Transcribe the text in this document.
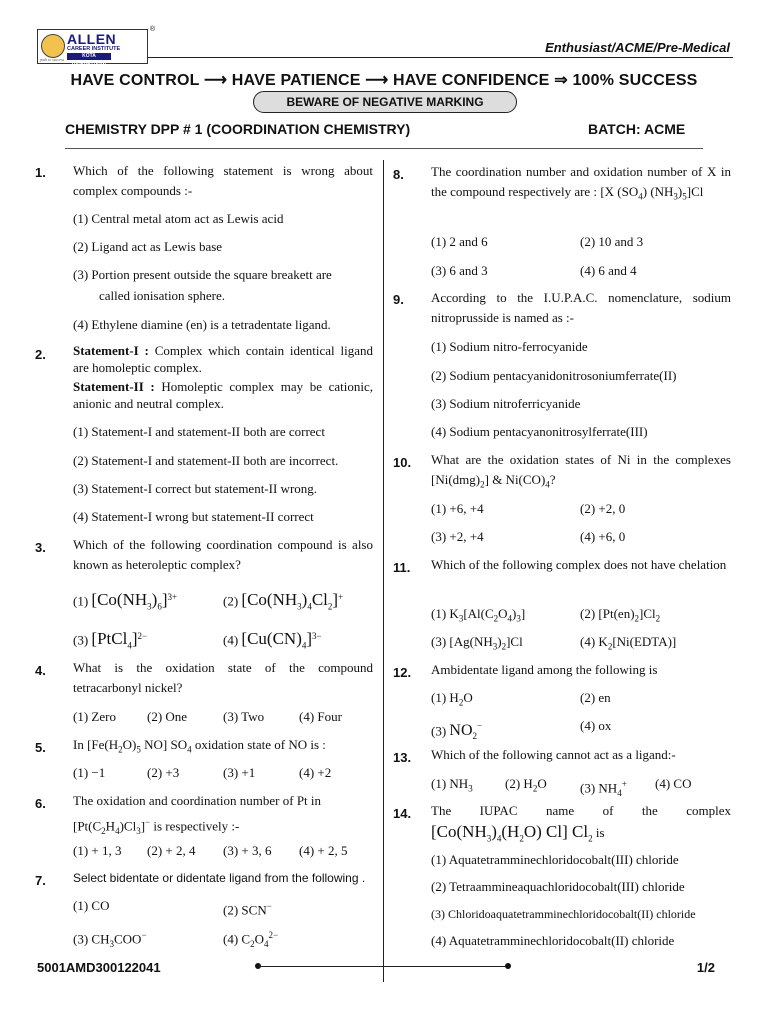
ALLEN
CAREER INSTITUTE
KOTA (RAJASTHAN)
path to success
®
Enthusiast/ACME/Pre-Medical
HAVE CONTROL ⟶ HAVE PATIENCE ⟶ HAVE CONFIDENCE ⇒ 100% SUCCESS
BEWARE OF NEGATIVE MARKING
CHEMISTRY DPP # 1 (COORDINATION CHEMISTRY)	BATCH: ACME
1. Which of the following statement is wrong about complex compounds :-
(1) Central metal atom act as Lewis acid
(2) Ligand act as Lewis base
(3) Portion present outside the square breakett are
called ionisation sphere.
(4) Ethylene diamine (en) is a tetradentate ligand.
2. Statement-I : Complex which contain identical ligand are homoleptic complex.
Statement-II : Homoleptic complex may be cationic, anionic and neutral complex.
(1) Statement-I and statement-II both are correct
(2) Statement-I and statement-II both are incorrect.
(3) Statement-I correct but statement-II wrong.
(4) Statement-I wrong but statement-II correct
3. Which of the following coordination compound is also known as heteroleptic complex?
(1) $[Co(NH_3)_6]^{3+}$	(2) $[Co(NH_3)_4Cl_2]^+$
(3) [PtCl$_4$]$^{2-}$	(4) $[Cu(CN)_4]^{3-}$
4. What is the oxidation state of the compound tetracarbonyl nickel?
(1) Zero (2) One	(3) Two	(4) Four
5. In [$Fe(H_2O)_5$ NO] $SO_4$ oxidation state of NO is :
(1) −1	(2) +3	(3) +1	(4) +2
6. The oxidation and coordination number of Pt in
$[Pt(C_2H_4)Cl_3]^-$ is respectively :-
(1) + 1, 3 (2) + 2, 4 (3) + 3, 6 (4) + 2, 5
7. Select bidentate or didentate ligand from the following .
(1) CO	(2) SCN−
(3) $CH_3COO^-$	(4) $C_2O_4^{2-}$
8. The coordination number and oxidation number of X in the compound respectively are : [X $(SO_4)$ $(NH_3)_5]Cl$
(1) 2 and 6	(2) 10 and 3
(3) 6 and 3	(4) 6 and 4
9. According to the I.U.P.A.C. nomenclature, sodium nitroprusside is named as :-
(1) Sodium nitro-ferrocyanide
(2) Sodium pentacyanidonitrosoniumferrate(II)
(3) Sodium nitroferricyanide
(4) Sodium pentacyanonitrosylferrate(III)
10. What are the oxidation states of Ni in the complexes $[Ni(dmg)_2]$ & $Ni(CO)_4$?
(1) +6, +4	(2) +2, 0
(3) +2, +4	(4) +6, 0
11. Which of the following complex does not have chelation
(1) $K_3[Al(C_2O_4)_3]$	(2) $[Pt(en)_2]Cl_2$
(3) $[Ag(NH_3)_2]Cl$	(4) $K_2[Ni(EDTA)]$
12. Ambidentate ligand among the following is
(1) $H_2O$	(2) en
(3) $NO_2^-$	(4) ox
13. Which of the following cannot act as a ligand:-
(1) $NH_3$ (2) $H_2O$	(3) $NH_4^+$ (4) CO
14. The IUPAC name of the complex
[$Co(NH_3)_4(H_2O)$ Cl] $Cl_2$ is
(1) Aquatetramminechloridocobalt(III) chloride
(2) Tetraammineaquachloridocobalt(III) chloride
(3) Chloridoaquatetramminechloridocobalt(II) chloride
(4) Aquatetramminechloridocobalt(II) chloride
5001AMD300122041	1/2
